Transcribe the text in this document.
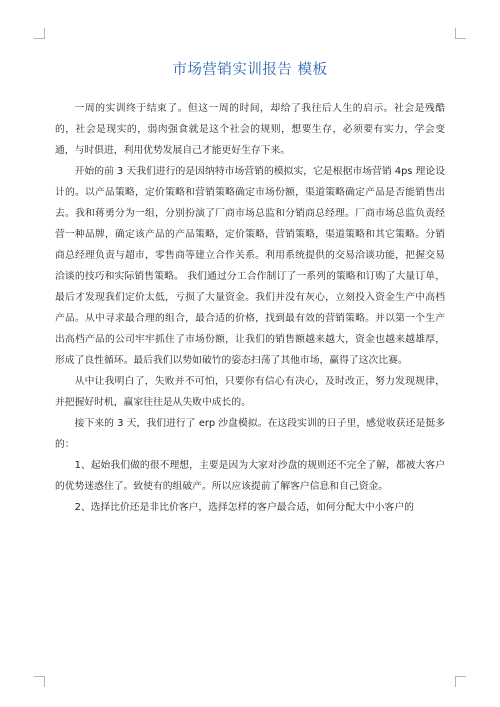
市场营销实训报告 模板

一周的实训终于结束了。但这一周的时间，却给了我往后人生的启示。社会是残酷的，社会是现实的，弱肉强食就是这个社会的规则，想要生存，必须要有实力，学会变通，与时俱进，利用优势发展自己才能更好生存下来。

开始的前 3 天我们进行的是因纳特市场营销的模拟实，它是根据市场营销 4ps 理论设计的。以产品策略，定价策略和营销策略确定市场份额，渠道策略确定产品是否能销售出去。我和蒋勇分为一组，分别扮演了厂商市场总监和分销商总经理。厂商市场总监负责经营一种品牌，确定该产品的产品策略，定价策略，营销策略，渠道策略和其它策略。分销商总经理负责与超市，零售商等建立合作关系。利用系统提供的交易洽谈功能，把握交易洽谈的技巧和实际销售策略。 我们通过分工合作制订了一系列的策略和订购了大量订单，最后才发现我们定价太低，亏损了大量资金。我们并没有灰心，立刻投入资金生产中高档产品。从中寻求最合理的组合，最合适的价格，找到最有效的营销策略。并以第一个生产出高档产品的公司牢牢抓住了市场份额，让我们的销售额越来越大，资金也越来越雄厚，形成了良性循环。最后我们以势如破竹的姿态扫荡了其他市场，赢得了这次比赛。

从中让我明白了，失败并不可怕，只要你有信心有决心，及时改正，努力发现规律，并把握好时机，赢家往往是从失败中成长的。

接下来的 3 天，我们进行了 erp 沙盘模拟。在这段实训的日子里，感觉收获还是挺多的：

1、起始我们做的很不理想，主要是因为大家对沙盘的规则还不完全了解，都被大客户的优势迷惑住了。致使有的组破产。所以应该提前了解客户信息和自己资金。

2、选择比价还是非比价客户，选择怎样的客户最合适，如何分配大中小客户的
